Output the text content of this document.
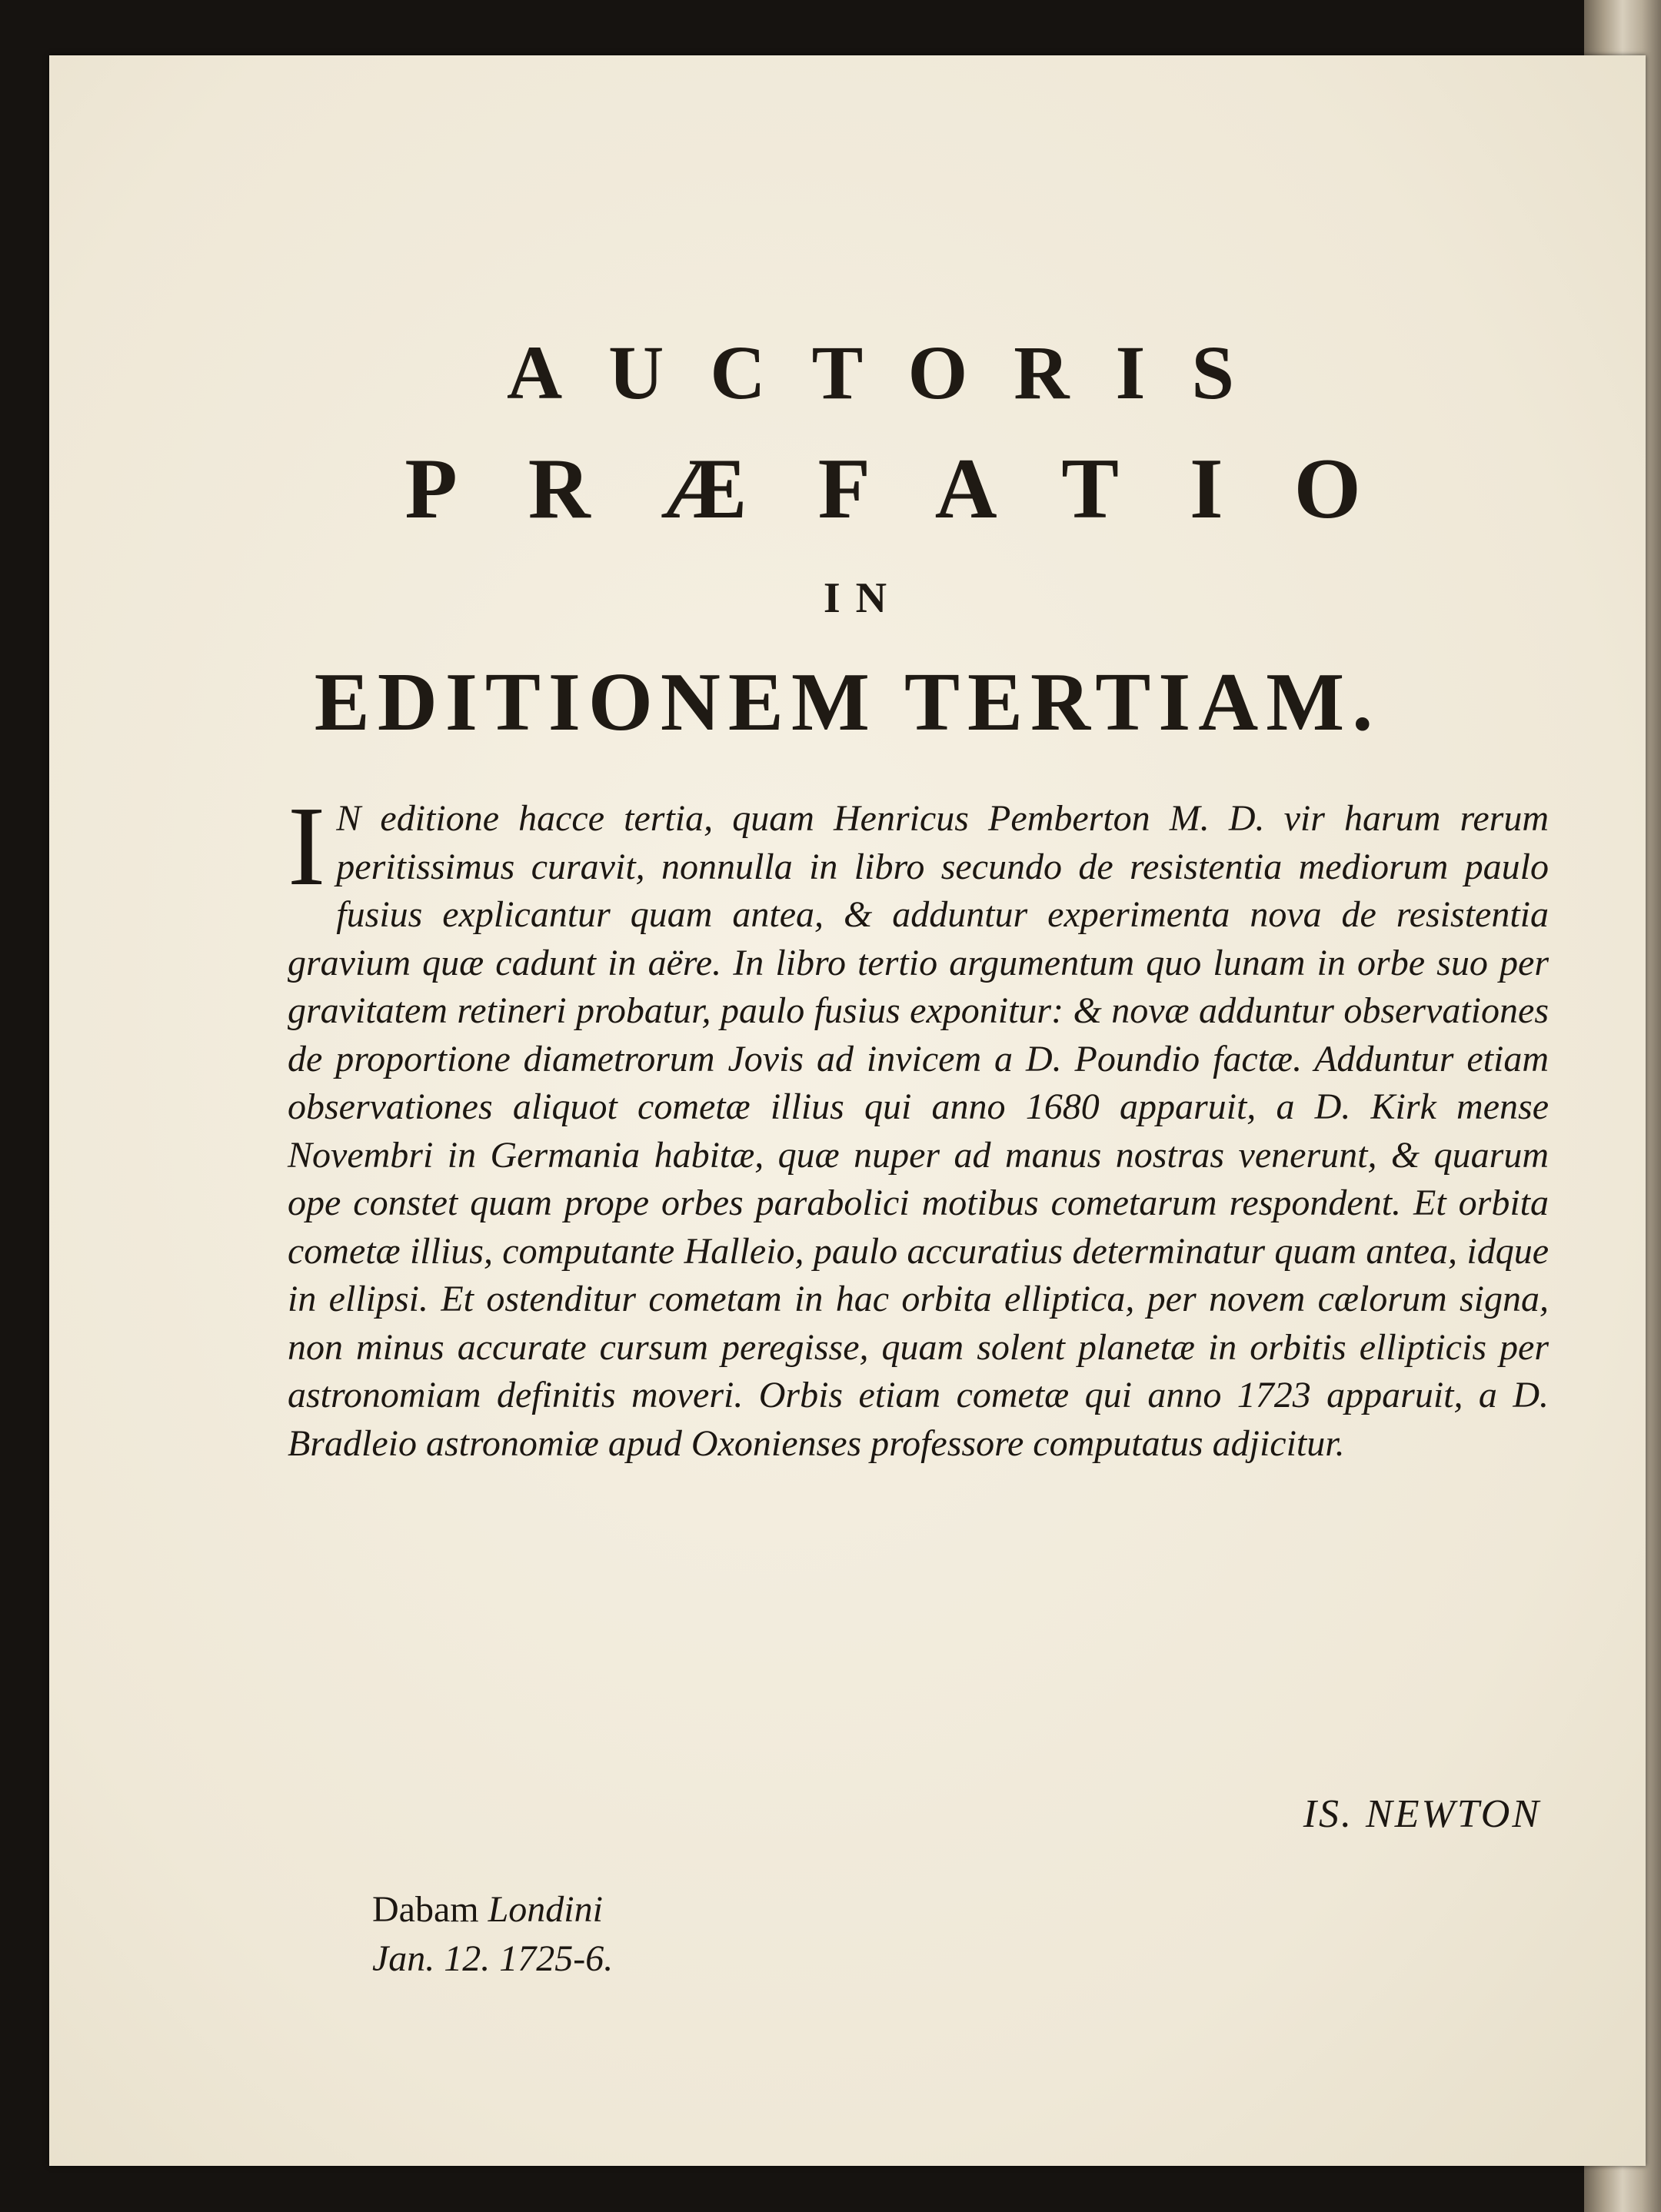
AUCTORIS
PRÆFATIO
IN
EDITIONEM TERTIAM.

I N editione hacce tertia, quam Henricus Pemberton M. D. vir harum rerum peritissimus curavit, nonnulla in libro secundo de resistentia mediorum paulo fusius explicantur quam antea, & adduntur experimenta nova de resistentia gravium quæ cadunt in aëre. In libro tertio argumentum quo lunam in orbe suo per gravitatem retineri probatur, paulo fusius exponitur: & novæ adduntur observationes de proportione diametrorum Jovis ad invicem a D. Poundio factæ. Adduntur etiam observationes aliquot cometæ illius qui anno 1680 apparuit, a D. Kirk mense Novembri in Germania habitæ, quæ nuper ad manus nostras venerunt, & quarum ope constet quam prope orbes parabolici motibus cometarum respondent. Et orbita cometæ illius, computante Halleio, paulo accuratius determinatur quam antea, idque in ellipsi. Et ostenditur cometam in hac orbita elliptica, per novem cælorum signa, non minus accurate cursum peregisse, quam solent planetæ in orbitis ellipticis per astronomiam definitis moveri. Orbis etiam cometæ qui anno 1723 apparuit, a D. Bradleio astronomiæ apud Oxonienses professore computatus adjicitur.

IS. NEWTON
Dabam Londini
Jan. 12. 1725-6.
